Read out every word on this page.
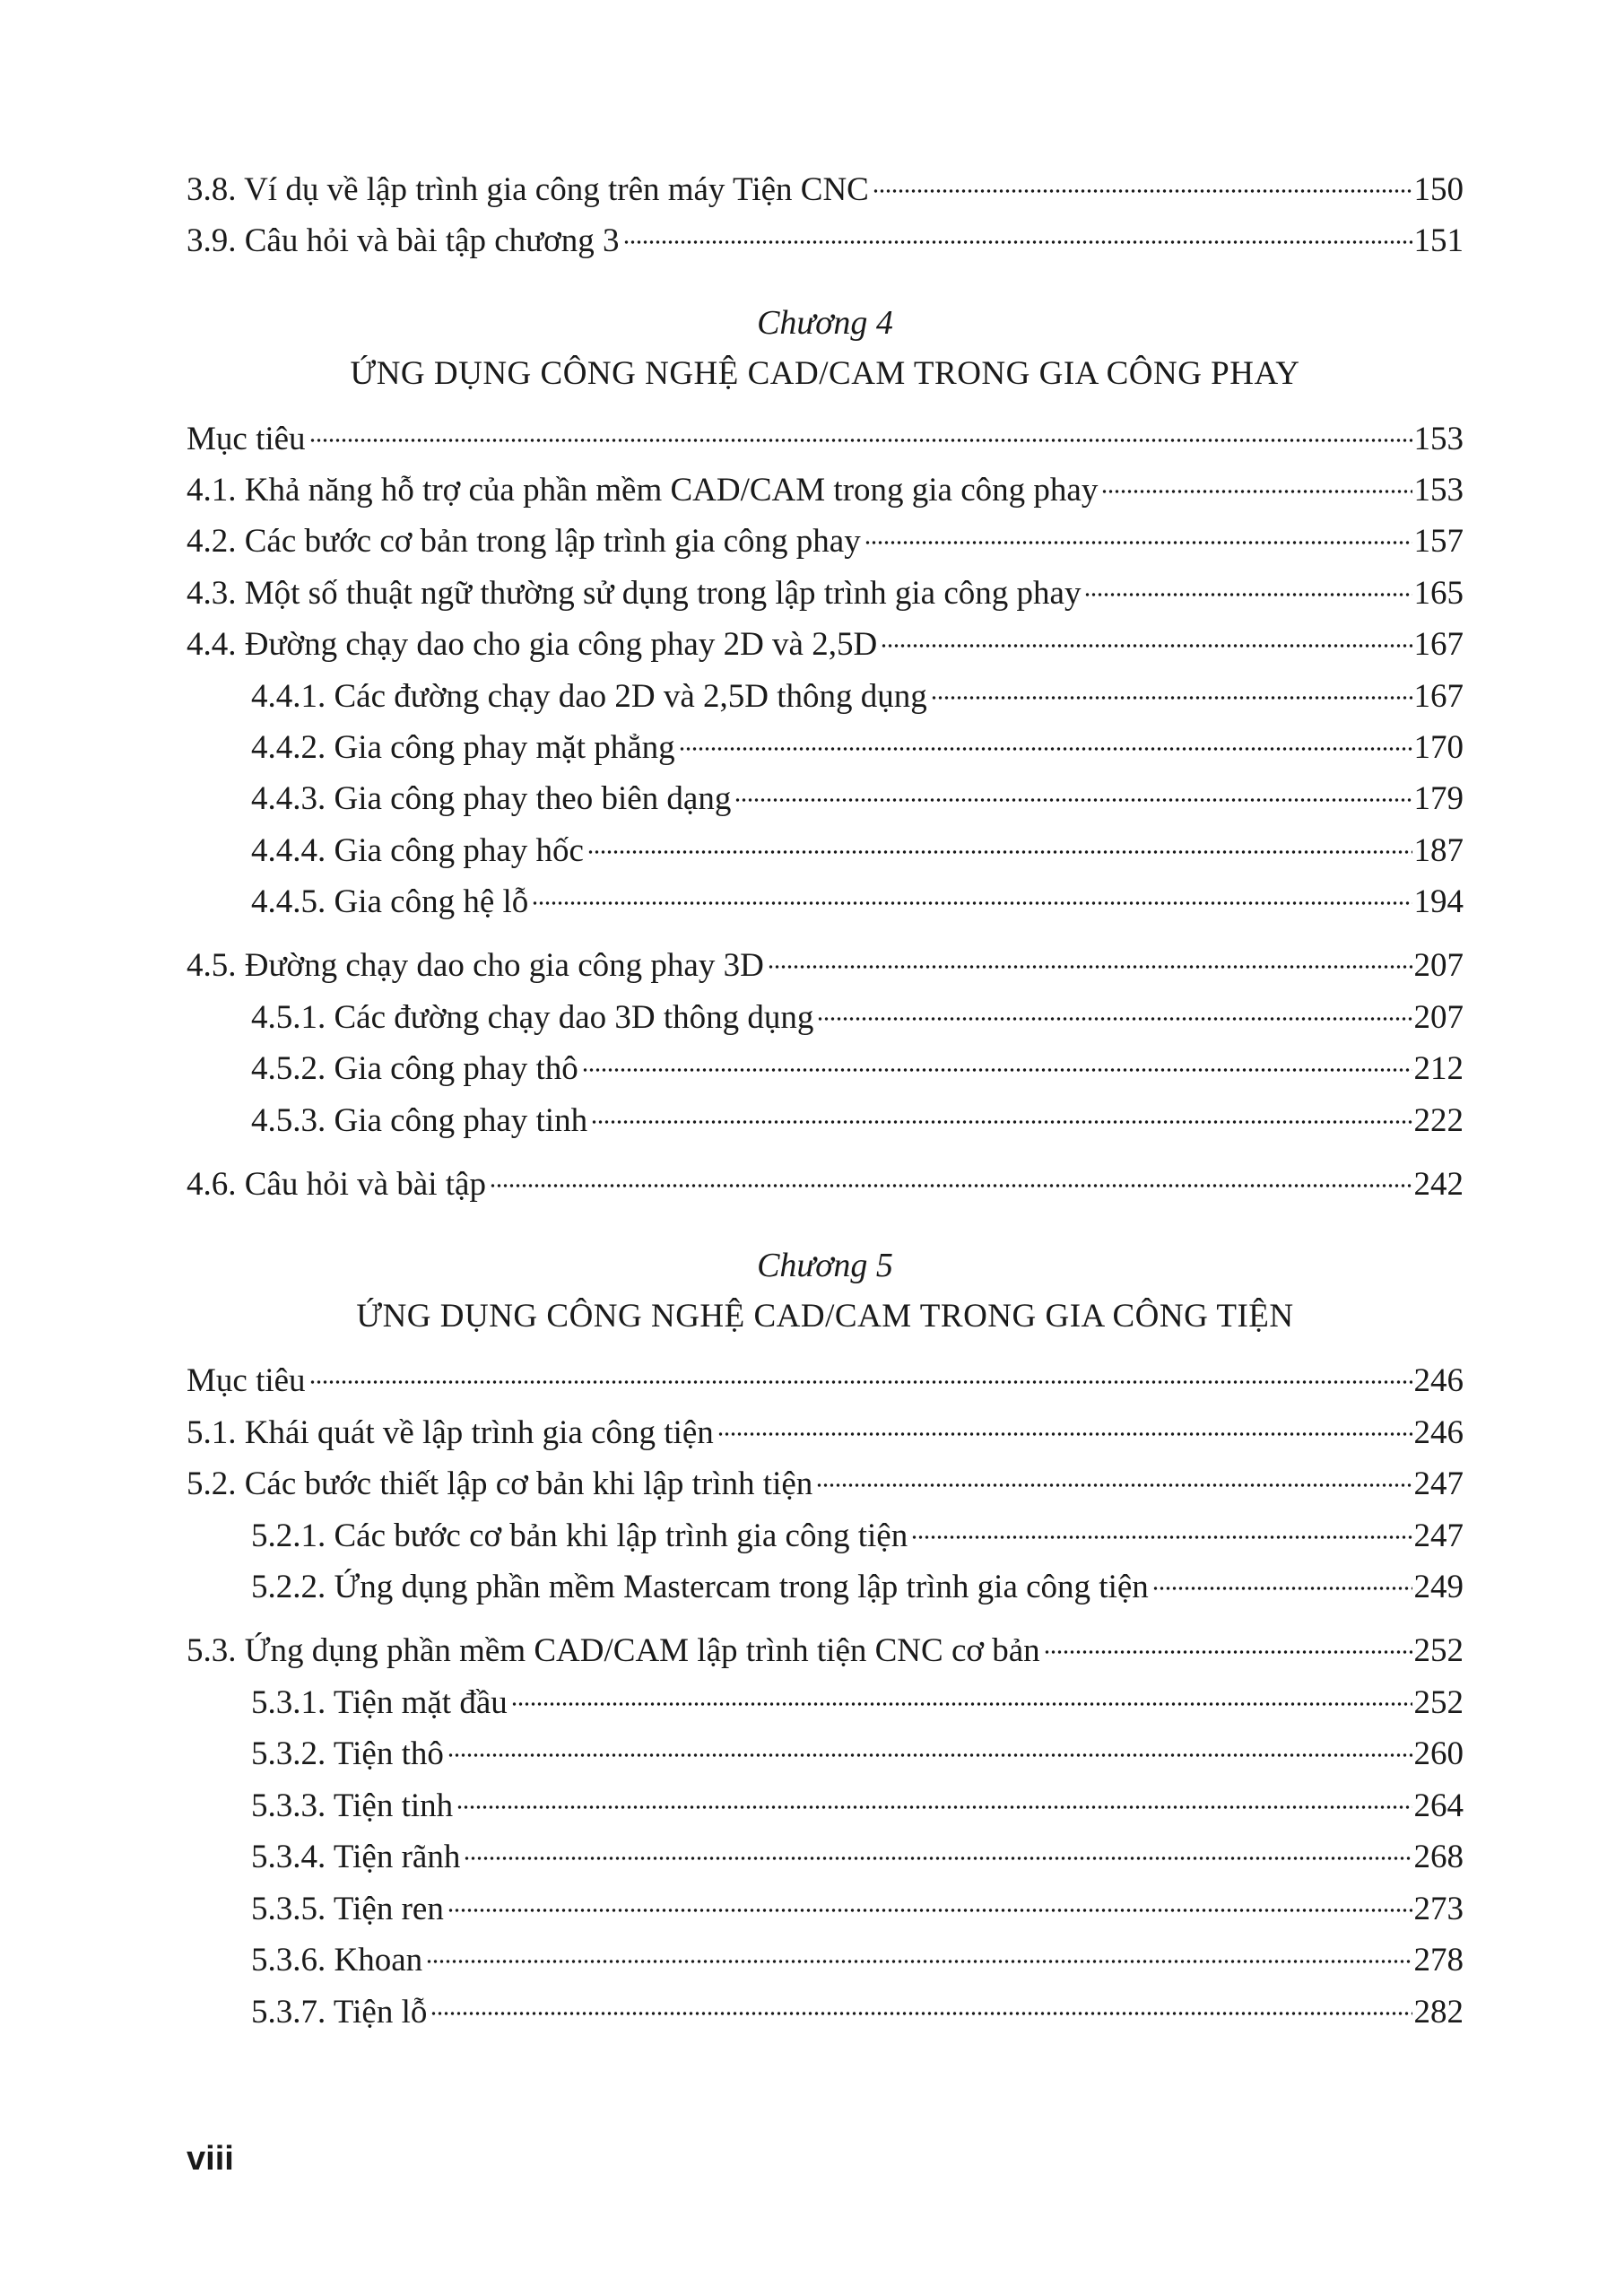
3.8. Ví dụ về lập trình gia công trên máy Tiện CNC	150
3.9. Câu hỏi và bài tập chương 3	151
Chương 4
ỨNG DỤNG CÔNG NGHỆ CAD/CAM TRONG GIA CÔNG PHAY
Mục tiêu	153
4.1. Khả năng hỗ trợ của phần mềm CAD/CAM trong gia công phay	153
4.2. Các bước cơ bản trong lập trình gia công phay	157
4.3. Một số thuật ngữ thường sử dụng trong lập trình gia công phay	165
4.4. Đường chạy dao cho gia công phay 2D và 2,5D	167
4.4.1. Các đường chạy dao 2D và 2,5D thông dụng	167
4.4.2. Gia công phay mặt phẳng	170
4.4.3. Gia công phay theo biên dạng	179
4.4.4. Gia công phay hốc	187
4.4.5. Gia công hệ lỗ	194
4.5. Đường chạy dao cho gia công phay 3D	207
4.5.1. Các đường chạy dao 3D thông dụng	207
4.5.2. Gia công phay thô	212
4.5.3. Gia công phay tinh	222
4.6. Câu hỏi và bài tập	242
Chương 5
ỨNG DỤNG CÔNG NGHỆ CAD/CAM TRONG GIA CÔNG TIỆN
Mục tiêu	246
5.1. Khái quát về lập trình gia công tiện	246
5.2. Các bước thiết lập cơ bản khi lập trình tiện	247
5.2.1. Các bước cơ bản khi lập trình gia công tiện	247
5.2.2. Ứng dụng phần mềm Mastercam trong lập trình gia công tiện	249
5.3. Ứng dụng phần mềm CAD/CAM lập trình tiện CNC cơ bản	252
5.3.1. Tiện mặt đầu	252
5.3.2. Tiện thô	260
5.3.3. Tiện tinh	264
5.3.4. Tiện rãnh	268
5.3.5. Tiện ren	273
5.3.6. Khoan	278
5.3.7. Tiện lỗ	282
viii
